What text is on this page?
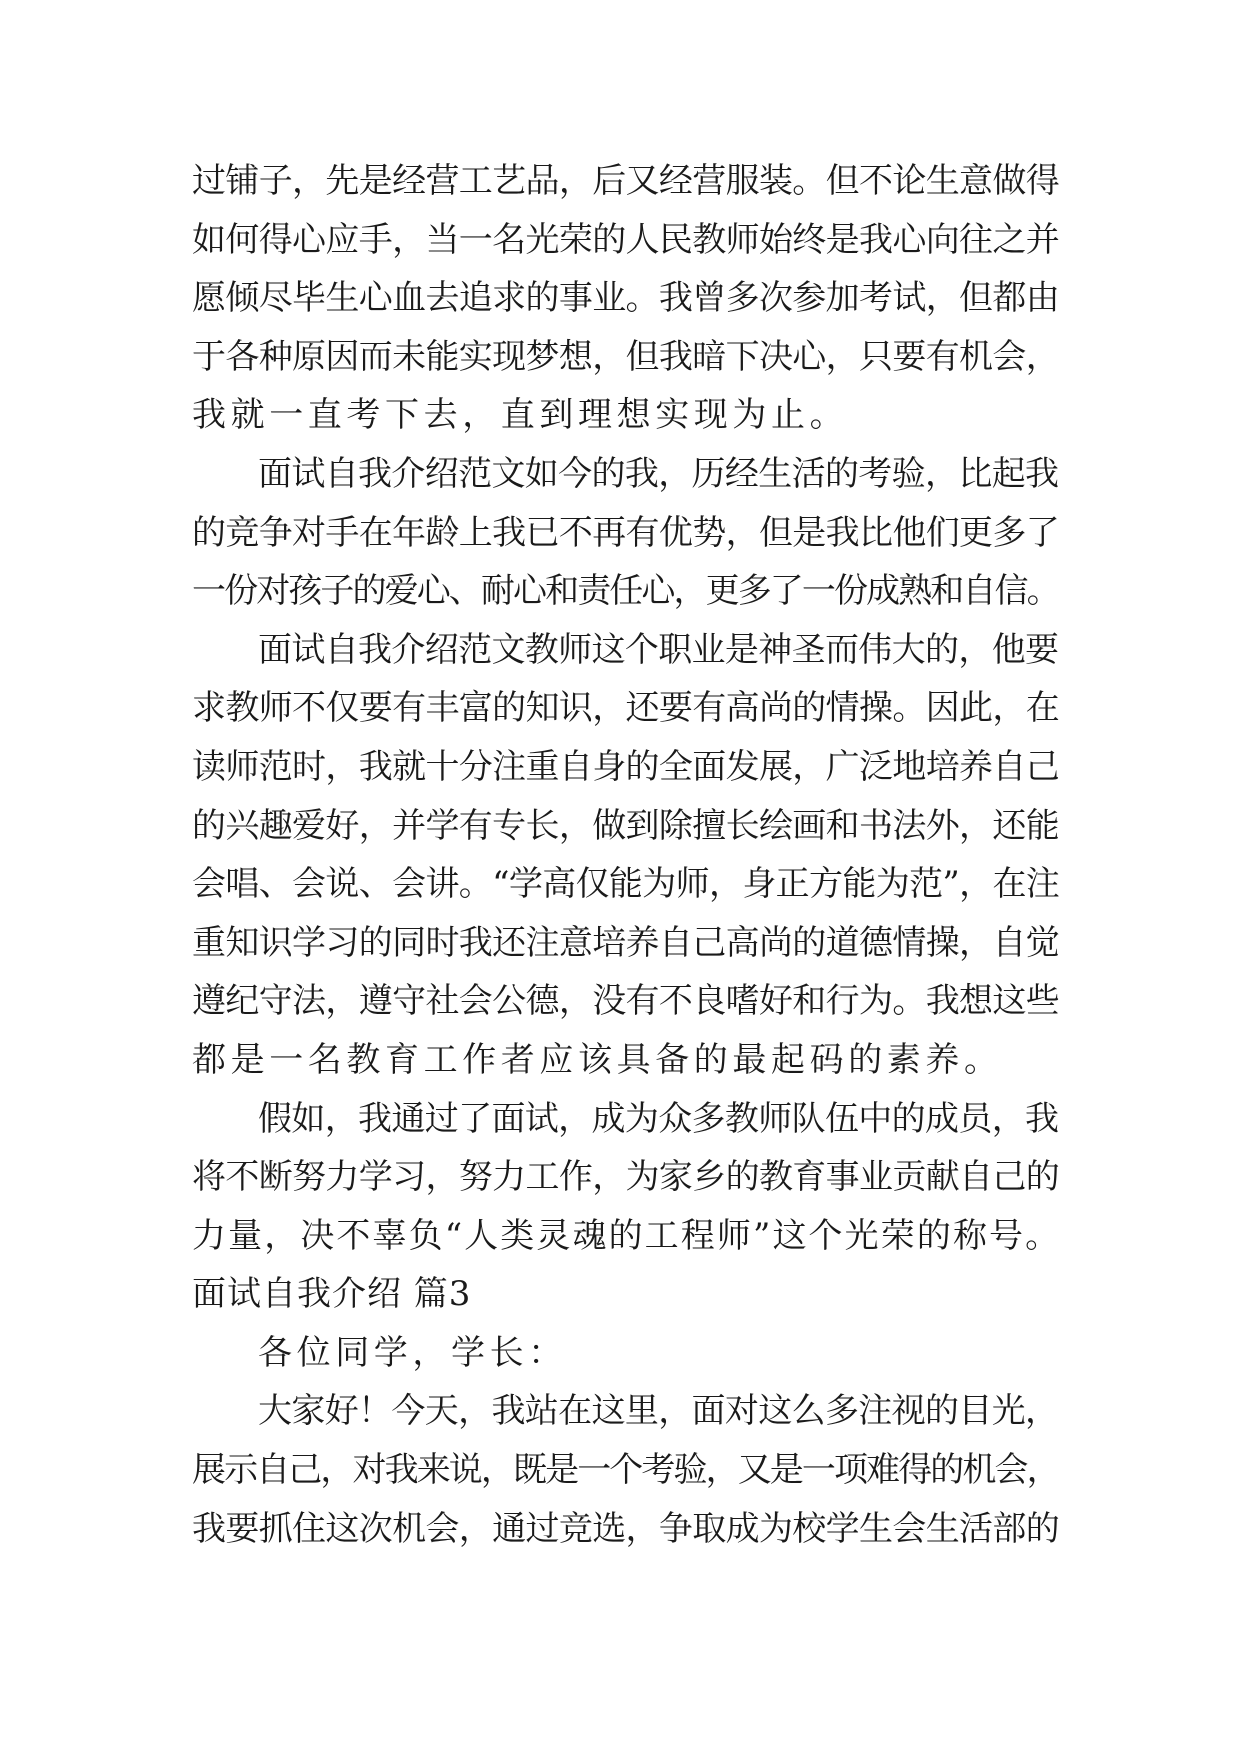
过铺子，先是经营工艺品，后又经营服装。但不论生意做得
如何得心应手，当一名光荣的人民教师始终是我心向往之并
愿倾尽毕生心血去追求的事业。我曾多次参加考试，但都由
于各种原因而未能实现梦想，但我暗下决心，只要有机会，
我就一直考下去，直到理想实现为止。
面试自我介绍范文如今的我，历经生活的考验，比起我
的竞争对手在年龄上我已不再有优势，但是我比他们更多了
一份对孩子的爱心、耐心和责任心，更多了一份成熟和自信。
面试自我介绍范文教师这个职业是神圣而伟大的，他要
求教师不仅要有丰富的知识，还要有高尚的情操。因此，在
读师范时，我就十分注重自身的全面发展，广泛地培养自己
的兴趣爱好，并学有专长，做到除擅长绘画和书法外，还能
会唱、会说、会讲。“学高仅能为师，身正方能为范”，在注
重知识学习的同时我还注意培养自己高尚的道德情操，自觉
遵纪守法，遵守社会公德，没有不良嗜好和行为。我想这些
都是一名教育工作者应该具备的最起码的素养。
假如，我通过了面试，成为众多教师队伍中的成员，我
将不断努力学习，努力工作，为家乡的教育事业贡献自己的
力量，决不辜负“人类灵魂的工程师”这个光荣的称号。
面试自我介绍 篇3
各位同学，学长：
大家好！今天，我站在这里，面对这么多注视的目光，
展示自己，对我来说，既是一个考验，又是一项难得的机会，
我要抓住这次机会，通过竞选，争取成为校学生会生活部的
